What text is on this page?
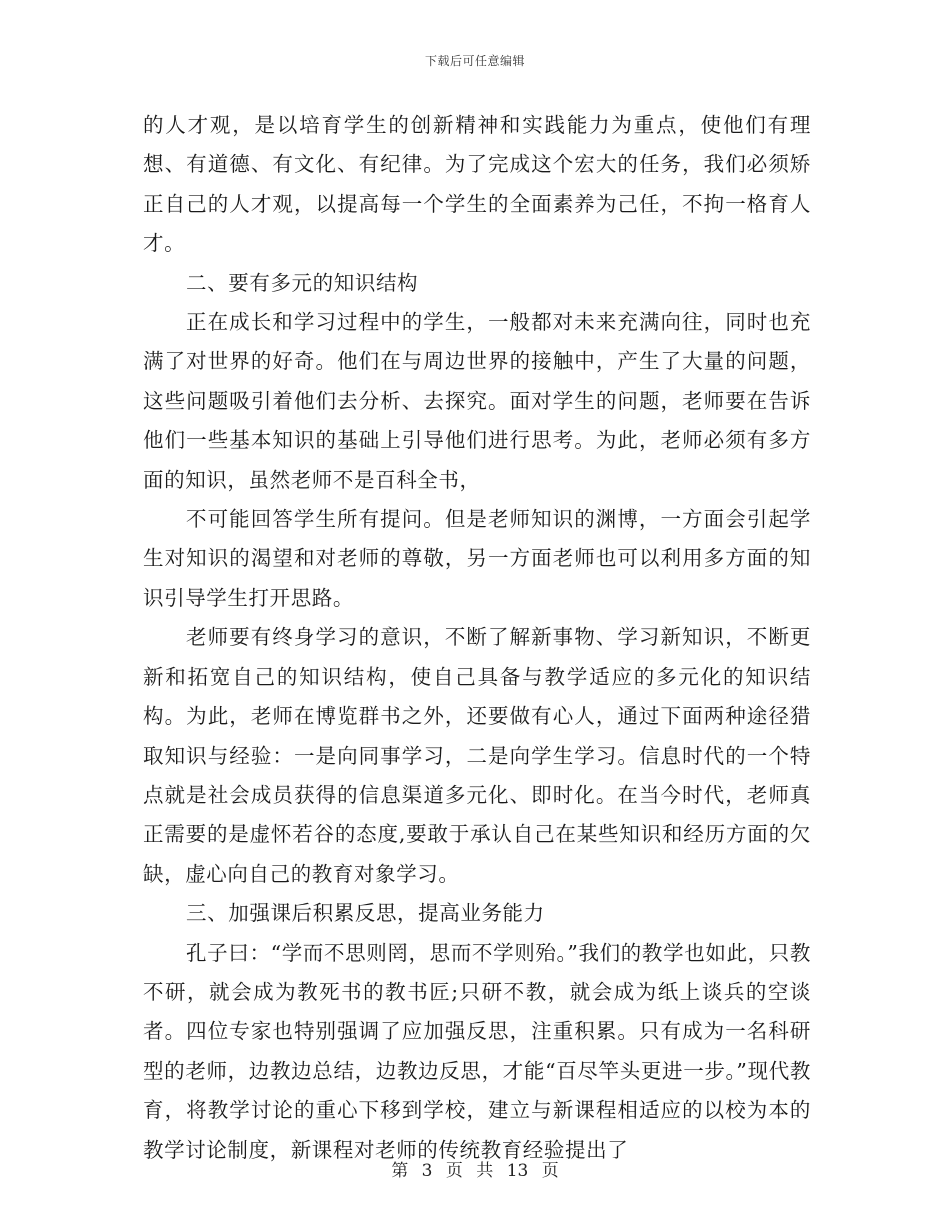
下载后可任意编辑

的人才观，是以培育学生的创新精神和实践能力为重点，使他们有理想、有道德、有文化、有纪律。为了完成这个宏大的任务，我们必须矫正自己的人才观，以提高每一个学生的全面素养为己任，不拘一格育人才。

二、要有多元的知识结构

正在成长和学习过程中的学生，一般都对未来充满向往，同时也充满了对世界的好奇。他们在与周边世界的接触中，产生了大量的问题，这些问题吸引着他们去分析、去探究。面对学生的问题，老师要在告诉他们一些基本知识的基础上引导他们进行思考。为此，老师必须有多方面的知识，虽然老师不是百科全书，

不可能回答学生所有提问。但是老师知识的渊博，一方面会引起学生对知识的渴望和对老师的尊敬，另一方面老师也可以利用多方面的知识引导学生打开思路。

老师要有终身学习的意识，不断了解新事物、学习新知识，不断更新和拓宽自己的知识结构，使自己具备与教学适应的多元化的知识结构。为此，老师在博览群书之外，还要做有心人，通过下面两种途径猎取知识与经验：一是向同事学习，二是向学生学习。信息时代的一个特点就是社会成员获得的信息渠道多元化、即时化。在当今时代，老师真正需要的是虚怀若谷的态度,要敢于承认自己在某些知识和经历方面的欠缺，虚心向自己的教育对象学习。

三、加强课后积累反思，提高业务能力

孔子曰：“学而不思则罔，思而不学则殆。”我们的教学也如此，只教不研，就会成为教死书的教书匠;只研不教，就会成为纸上谈兵的空谈者。四位专家也特别强调了应加强反思，注重积累。只有成为一名科研型的老师，边教边总结，边教边反思，才能“百尽竿头更进一步。”现代教育，将教学讨论的重心下移到学校，建立与新课程相适应的以校为本的教学讨论制度，新课程对老师的传统教育经验提出了

第 3 页 共 13 页
